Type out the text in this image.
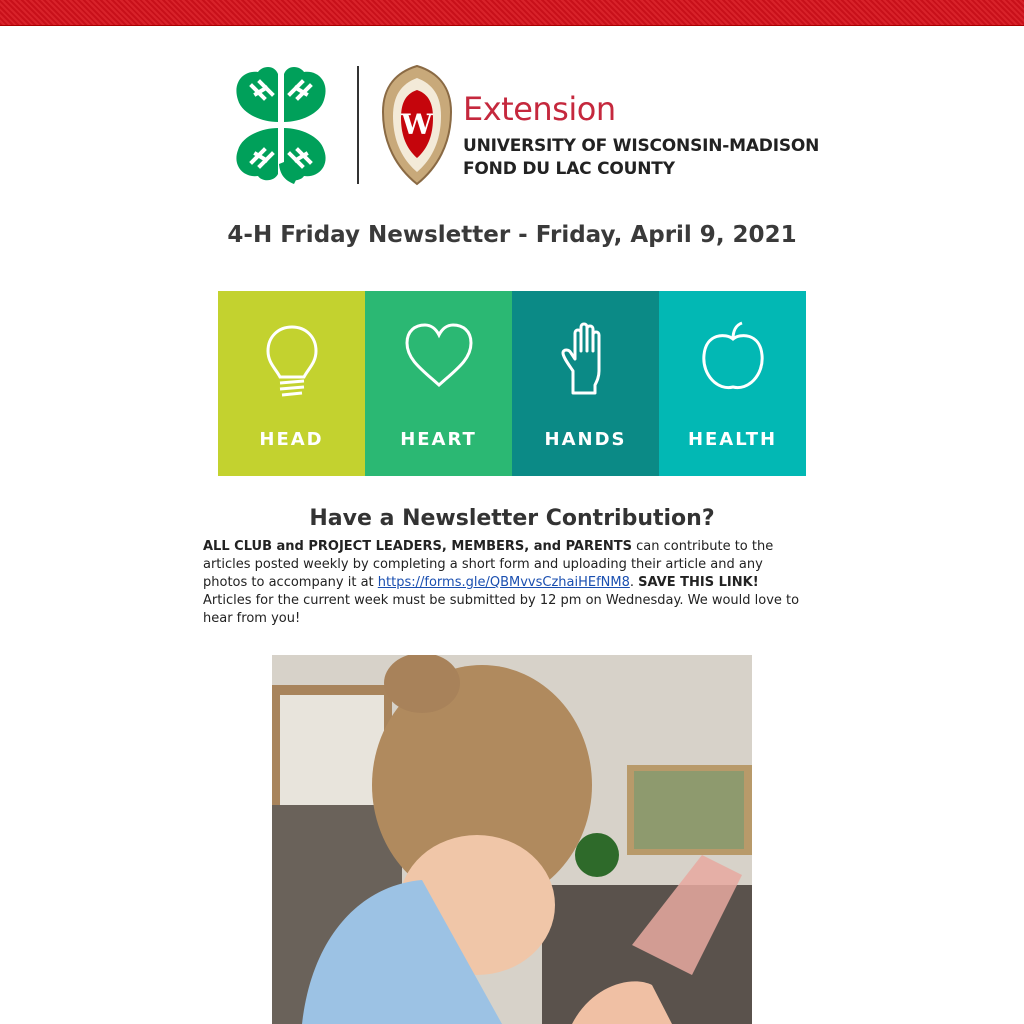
W Extension
UNIVERSITY OF WISCONSIN-MADISON
FOND DU LAC COUNTY
4-H Friday Newsletter - Friday, April 9, 2021
HEAD	HEART	HANDS	HEALTH
Have a Newsletter Contribution?
ALL CLUB and PROJECT LEADERS, MEMBERS, and PARENTS can contribute to the articles posted weekly by completing a short form and uploading their article and any photos to accompany it at https://forms.gle/QBMvvsCzhaiHEfNM8. SAVE THIS LINK! Articles for the current week must be submitted by 12 pm on Wednesday. We would love to hear from you!
